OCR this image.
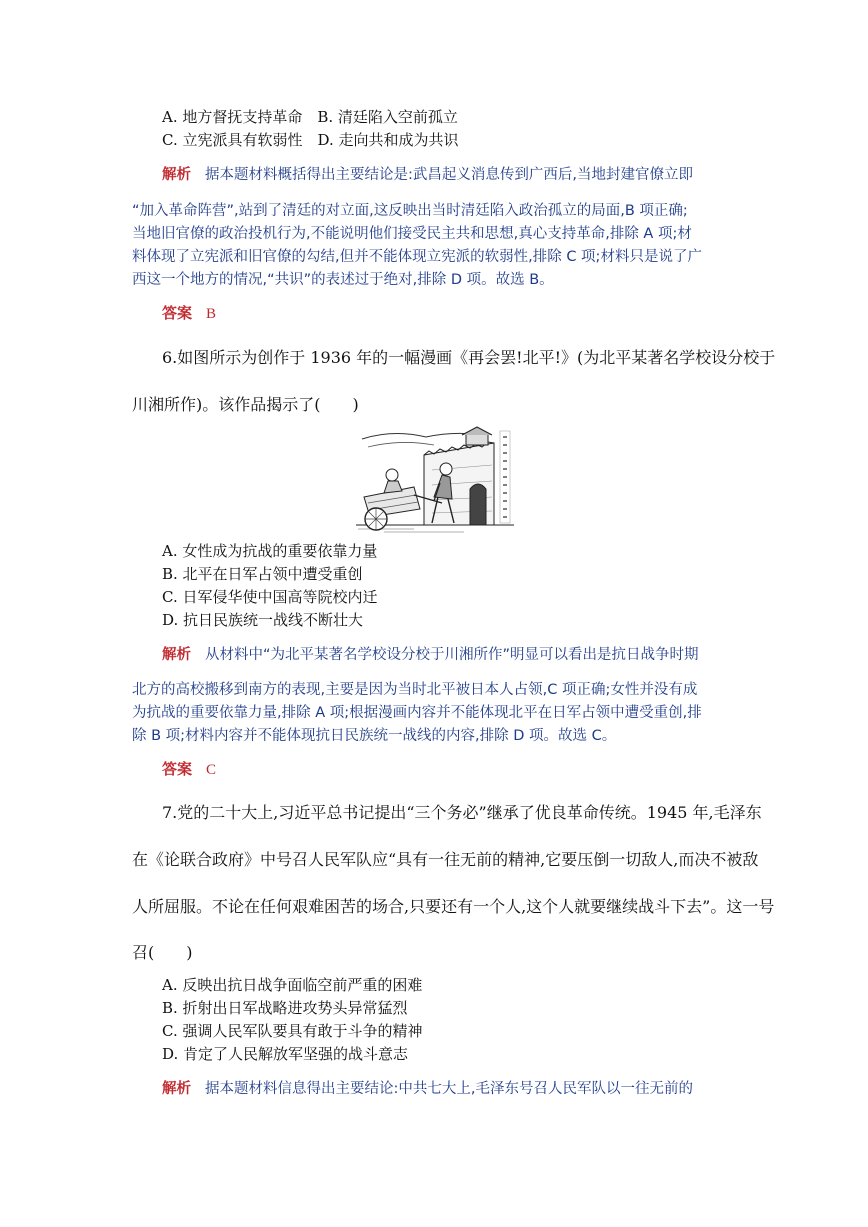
A. 地方督抚支持革命　B. 清廷陷入空前孤立
C. 立宪派具有软弱性　D. 走向共和成为共识
解析 据本题材料概括得出主要结论是:武昌起义消息传到广西后,当地封建官僚立即
“加入革命阵营”,站到了清廷的对立面,这反映出当时清廷陷入政治孤立的局面,B 项正确;
当地旧官僚的政治投机行为,不能说明他们接受民主共和思想,真心支持革命,排除 A 项;材
料体现了立宪派和旧官僚的勾结,但并不能体现立宪派的软弱性,排除 C 项;材料只是说了广
西这一个地方的情况,“共识”的表述过于绝对,排除 D 项。故选 B。
答案 B
6.如图所示为创作于 1936 年的一幅漫画《再会罢!北平!》(为北平某著名学校设分校于
川湘所作)。该作品揭示了(　　)
A. 女性成为抗战的重要依靠力量
B. 北平在日军占领中遭受重创
C. 日军侵华使中国高等院校内迁
D. 抗日民族统一战线不断壮大
解析 从材料中“为北平某著名学校设分校于川湘所作”明显可以看出是抗日战争时期
北方的高校搬移到南方的表现,主要是因为当时北平被日本人占领,C 项正确;女性并没有成
为抗战的重要依靠力量,排除 A 项;根据漫画内容并不能体现北平在日军占领中遭受重创,排
除 B 项;材料内容并不能体现抗日民族统一战线的内容,排除 D 项。故选 C。
答案 C
7.党的二十大上,习近平总书记提出“三个务必”继承了优良革命传统。1945 年,毛泽东
在《论联合政府》中号召人民军队应“具有一往无前的精神,它要压倒一切敌人,而决不被敌
人所屈服。不论在任何艰难困苦的场合,只要还有一个人,这个人就要继续战斗下去”。这一号
召(　　)
A. 反映出抗日战争面临空前严重的困难
B. 折射出日军战略进攻势头异常猛烈
C. 强调人民军队要具有敢于斗争的精神
D. 肯定了人民解放军坚强的战斗意志
解析 据本题材料信息得出主要结论:中共七大上,毛泽东号召人民军队以一往无前的
